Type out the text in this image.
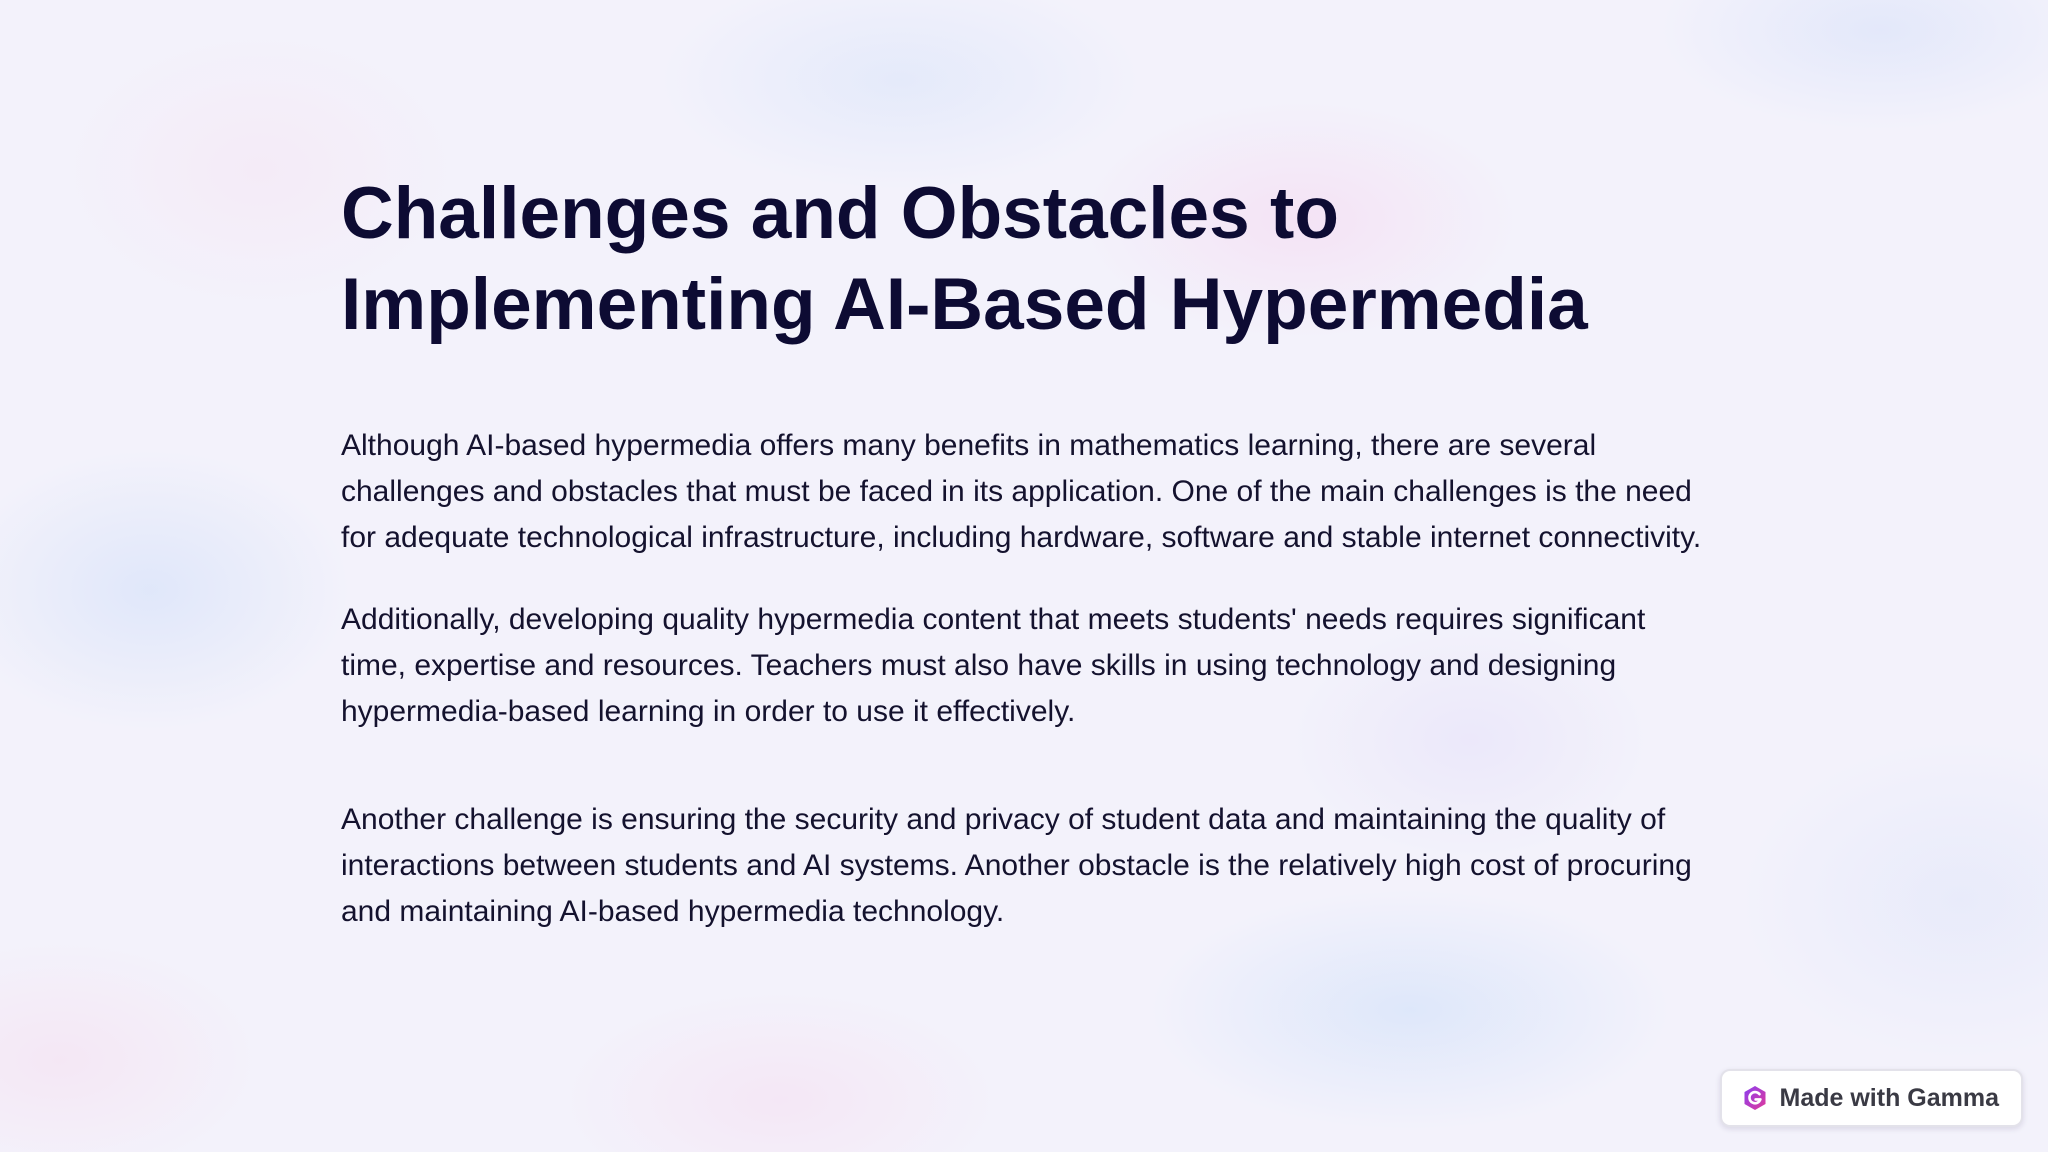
Challenges and Obstacles to
Implementing AI-Based Hypermedia

Although AI-based hypermedia offers many benefits in mathematics learning, there are several challenges and obstacles that must be faced in its application. One of the main challenges is the need for adequate technological infrastructure, including hardware, software and stable internet connectivity.

Additionally, developing quality hypermedia content that meets students' needs requires significant time, expertise and resources. Teachers must also have skills in using technology and designing hypermedia-based learning in order to use it effectively.

Another challenge is ensuring the security and privacy of student data and maintaining the quality of interactions between students and AI systems. Another obstacle is the relatively high cost of procuring and maintaining AI-based hypermedia technology.

Made with Gamma
